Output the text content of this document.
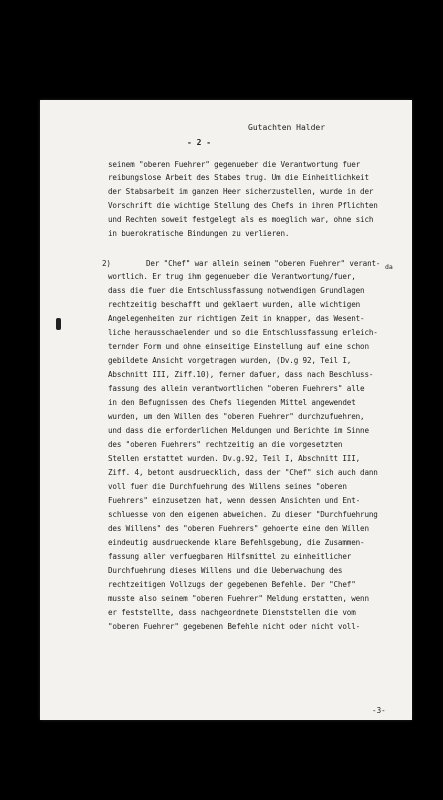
Gutachten Halder
- 2 -
seinem "oberen Fuehrer" gegenueber die Verantwortung fuer
reibungslose Arbeit des Stabes trug. Um die Einheitlichkeit
der Stabsarbeit im ganzen Heer sicherzustellen, wurde in der
Vorschrift die wichtige Stellung des Chefs in ihren Pflichten
und Rechten soweit festgelegt als es moeglich war, ohne sich
in buerokratische Bindungen zu verlieren.
2)	da
Der "Chef" war allein seinem "oberen Fuehrer" verant-
wortlich. Er trug ihm gegenueber die Verantwortung/fuer,
dass die fuer die Entschlussfassung notwendigen Grundlagen
rechtzeitig beschafft und geklaert wurden, alle wichtigen
Angelegenheiten zur richtigen Zeit in knapper, das Wesent-
liche herausschaelender und so die Entschlussfassung erleich-
ternder Form und ohne einseitige Einstellung auf eine schon
gebildete Ansicht vorgetragen wurden, (Dv.g 92, Teil I,
Abschnitt III, Ziff.10), ferner dafuer, dass nach Beschluss-
fassung des allein verantwortlichen "oberen Fuehrers" alle
in den Befugnissen des Chefs liegenden Mittel angewendet
wurden, um den Willen des "oberen Fuehrer" durchzufuehren,
und dass die erforderlichen Meldungen und Berichte im Sinne
des "oberen Fuehrers" rechtzeitig an die vorgesetzten
Stellen erstattet wurden. Dv.g.92, Teil I, Abschnitt III,
Ziff. 4, betont ausdruecklich, dass der "Chef" sich auch dann
voll fuer die Durchfuehrung des Willens seines "oberen
Fuehrers" einzusetzen hat, wenn dessen Ansichten und Ent-
schluesse von den eigenen abweichen. Zu dieser "Durchfuehrung
des Willens" des "oberen Fuehrers" gehoerte eine den Willen
eindeutig ausdrueckende klare Befehlsgebung, die Zusammen-
fassung aller verfuegbaren Hilfsmittel zu einheitlicher
Durchfuehrung dieses Willens und die Ueberwachung des
rechtzeitigen Vollzugs der gegebenen Befehle. Der "Chef"
musste also seinem "oberen Fuehrer" Meldung erstatten, wenn
er feststellte, dass nachgeordnete Dienststellen die vom
"oberen Fuehrer" gegebenen Befehle nicht oder nicht voll-
-3-
